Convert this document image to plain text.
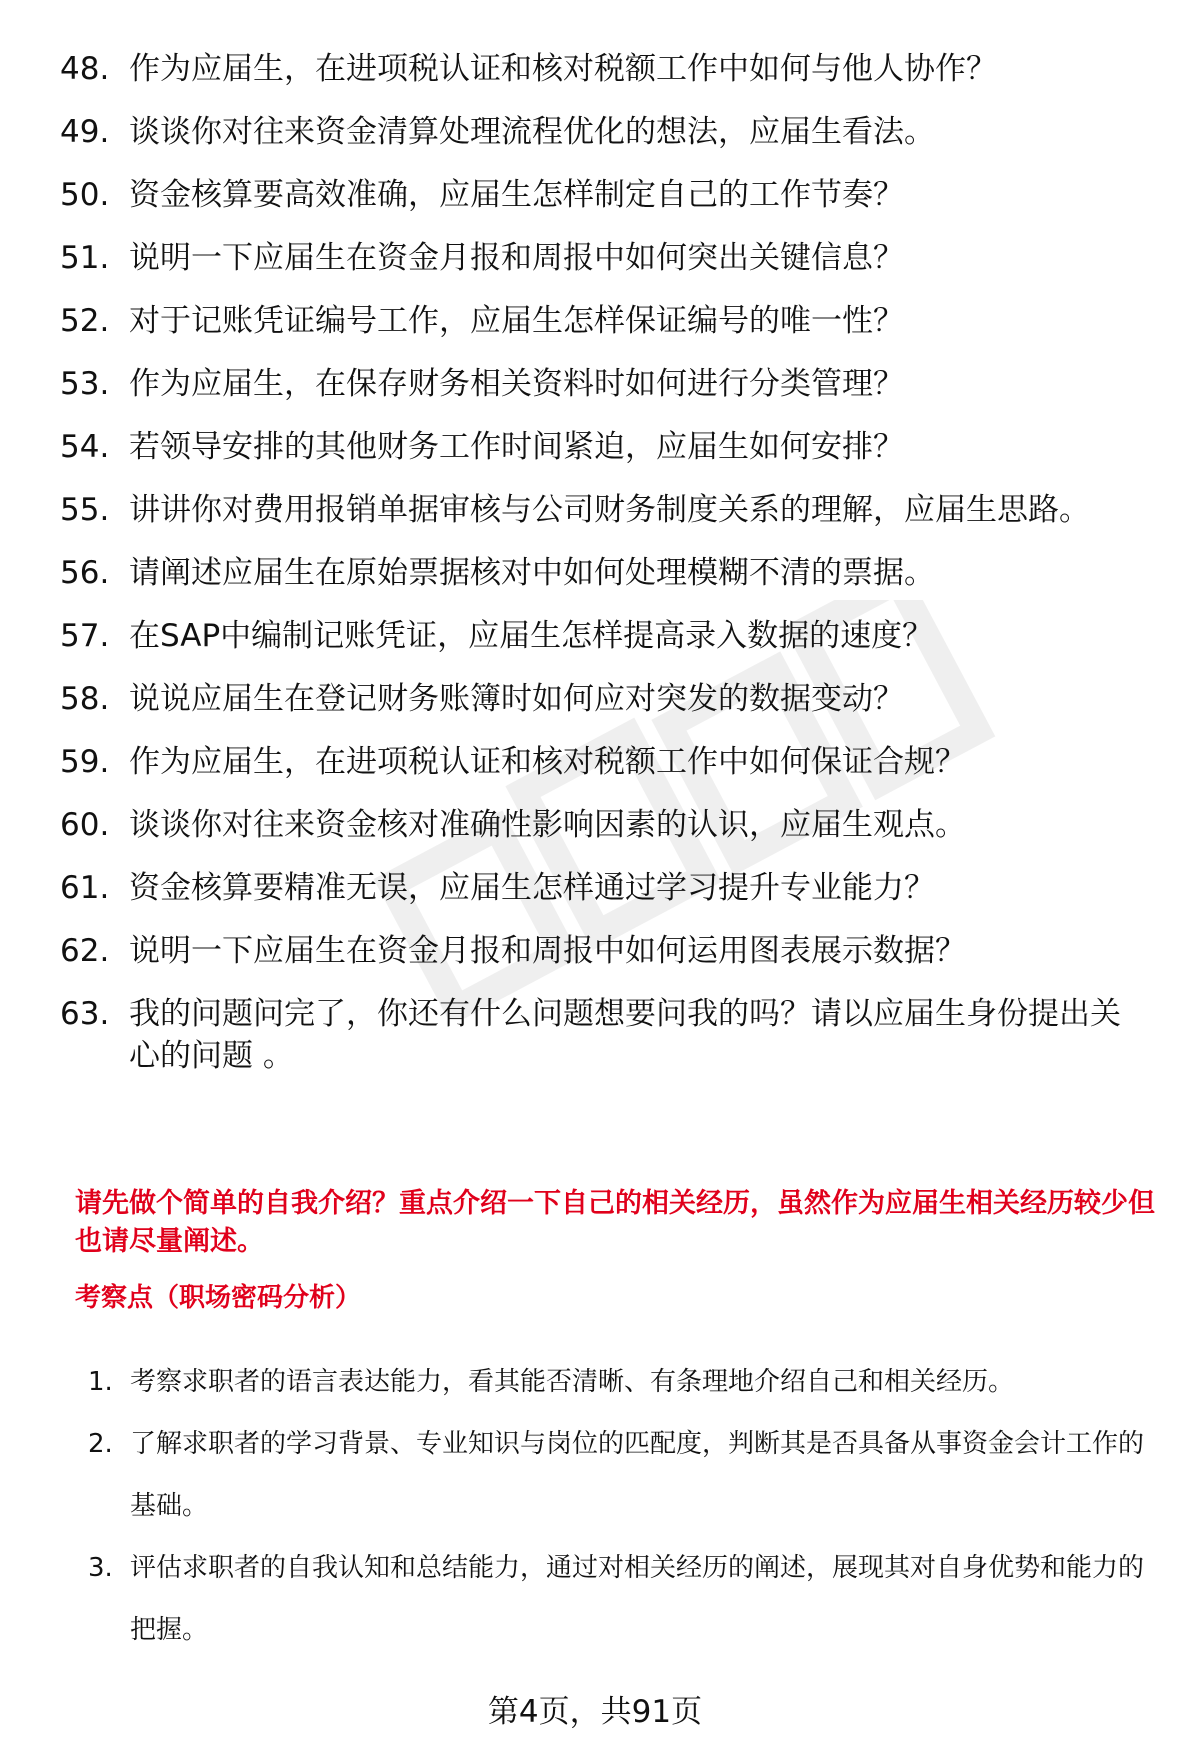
48. 作为应届生，在进项税认证和核对税额工作中如何与他人协作？
49. 谈谈你对往来资金清算处理流程优化的想法，应届生看法。
50. 资金核算要高效准确，应届生怎样制定自己的工作节奏？
51. 说明一下应届生在资金月报和周报中如何突出关键信息？
52. 对于记账凭证编号工作，应届生怎样保证编号的唯一性？
53. 作为应届生，在保存财务相关资料时如何进行分类管理？
54. 若领导安排的其他财务工作时间紧迫，应届生如何安排？
55. 讲讲你对费用报销单据审核与公司财务制度关系的理解，应届生思路。
56. 请阐述应届生在原始票据核对中如何处理模糊不清的票据。
57. 在SAP中编制记账凭证，应届生怎样提高录入数据的速度？
58. 说说应届生在登记财务账簿时如何应对突发的数据变动？
59. 作为应届生，在进项税认证和核对税额工作中如何保证合规？
60. 谈谈你对往来资金核对准确性影响因素的认识，应届生观点。
61. 资金核算要精准无误，应届生怎样通过学习提升专业能力？
62. 说明一下应届生在资金月报和周报中如何运用图表展示数据？
63. 我的问题问完了，你还有什么问题想要问我的吗？请以应届生身份提出关心的问题 。
请先做个简单的自我介绍？重点介绍一下自己的相关经历，虽然作为应届生相关经历较少但也请尽量阐述。
考察点（职场密码分析）
1. 考察求职者的语言表达能力，看其能否清晰、有条理地介绍自己和相关经历。
2. 了解求职者的学习背景、专业知识与岗位的匹配度，判断其是否具备从事资金会计工作的基础。
3. 评估求职者的自我认知和总结能力，通过对相关经历的阐述，展现其对自身优势和能力的把握。
第4页，共91页
